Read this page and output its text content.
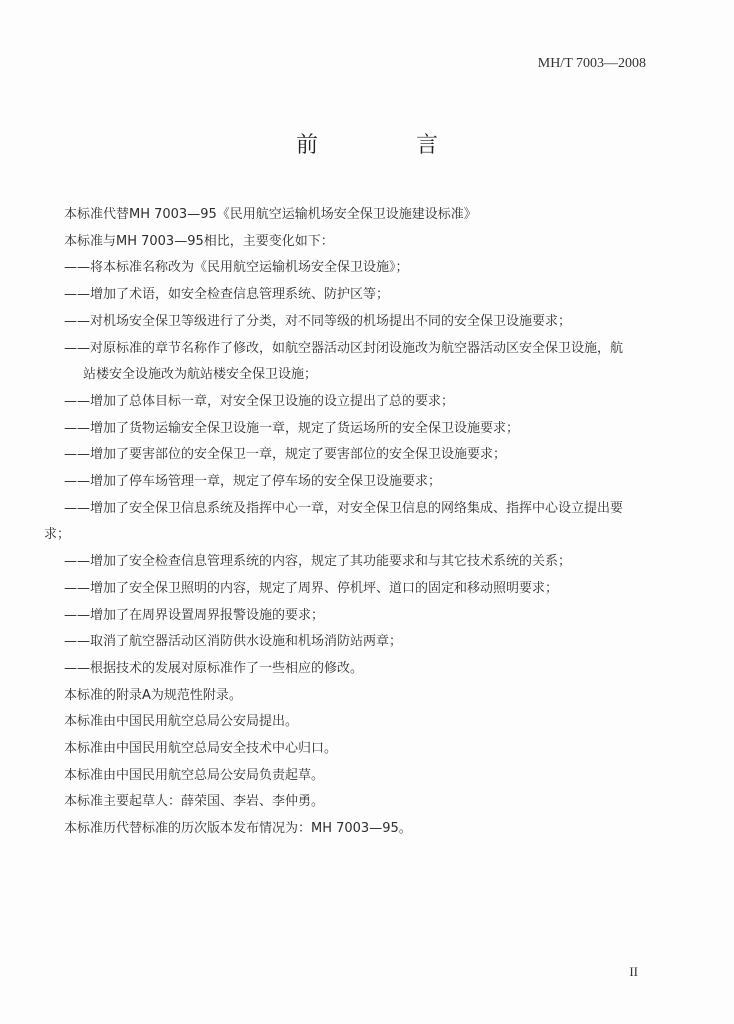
MH/T 7003—2008
前　言

本标准代替MH 7003—95《民用航空运输机场安全保卫设施建设标准》

本标准与MH 7003—95相比，主要变化如下：

——将本标准名称改为《民用航空运输机场安全保卫设施》；

——增加了术语，如安全检查信息管理系统、防护区等；

——对机场安全保卫等级进行了分类，对不同等级的机场提出不同的安全保卫设施要求；

——对原标准的章节名称作了修改，如航空器活动区封闭设施改为航空器活动区安全保卫设施，航

站楼安全设施改为航站楼安全保卫设施；

——增加了总体目标一章，对安全保卫设施的设立提出了总的要求；

——增加了货物运输安全保卫设施一章，规定了货运场所的安全保卫设施要求；

——增加了要害部位的安全保卫一章，规定了要害部位的安全保卫设施要求；

——增加了停车场管理一章，规定了停车场的安全保卫设施要求；

——增加了安全保卫信息系统及指挥中心一章，对安全保卫信息的网络集成、指挥中心设立提出要

求；

——增加了安全检查信息管理系统的内容，规定了其功能要求和与其它技术系统的关系；

——增加了安全保卫照明的内容，规定了周界、停机坪、道口的固定和移动照明要求；

——增加了在周界设置周界报警设施的要求；

——取消了航空器活动区消防供水设施和机场消防站两章；

——根据技术的发展对原标准作了一些相应的修改。

本标准的附录A为规范性附录。

本标准由中国民用航空总局公安局提出。

本标准由中国民用航空总局安全技术中心归口。

本标准由中国民用航空总局公安局负责起草。

本标准主要起草人：薛荣国、李岩、李仲勇。

本标准历代替标准的历次版本发布情况为：MH 7003—95。

II
